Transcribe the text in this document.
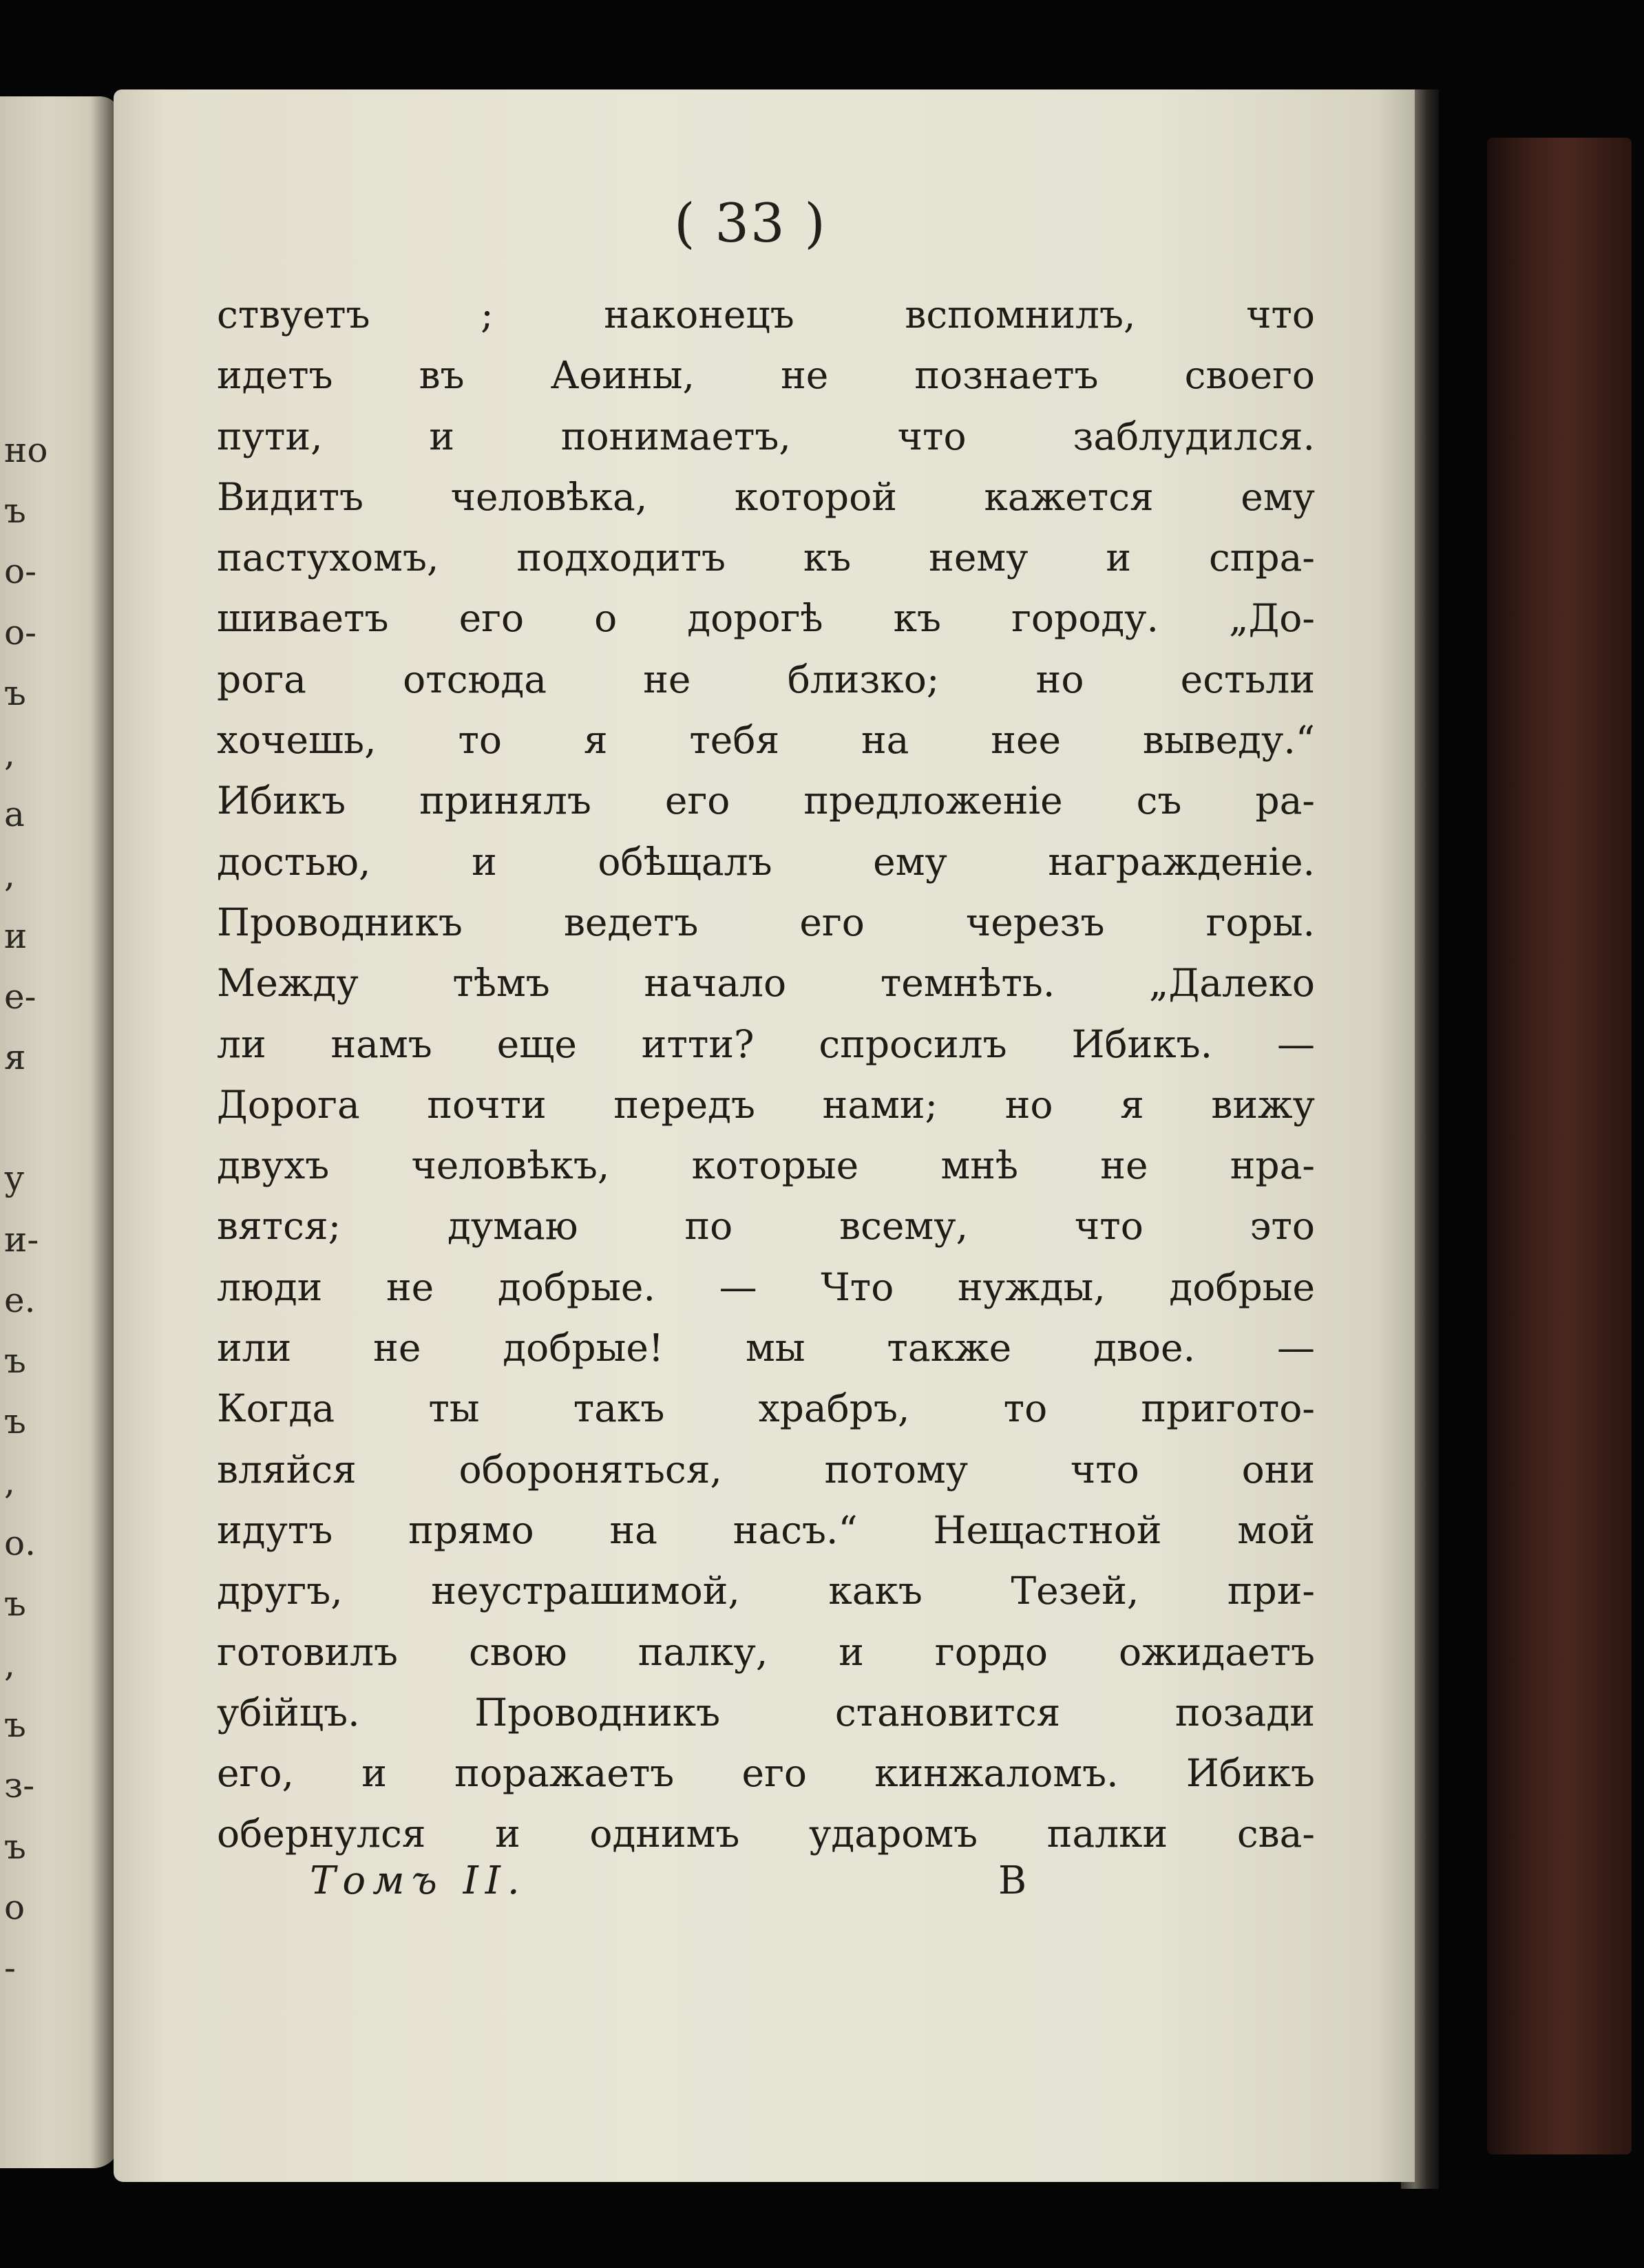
но
ъ
о-
о-
ъ
,
а
,
и
е-
я

у
и-
е.
ъ
ъ
,
о.
ъ
,
ъ
з-
ъ
о
-
( 33 )
ствуетъ ; наконецъ вспомнилъ, что
идетъ въ Аөины, не познаетъ своего
пути, и понимаетъ, что заблудился.
Видитъ человѣка, которой кажется ему
пастухомъ, подходитъ къ нему и спра-
шиваетъ его о дорогѣ къ городу. „До-
рога отсюда не близко; но естьли
хочешь, то я тебя на нее выведу.“
Ибикъ принялъ его предложеніе съ ра-
достью, и обѣщалъ ему награжденіе.
Проводникъ ведетъ его черезъ горы.
Между тѣмъ начало темнѣть. „Далеко
ли намъ еще итти? спросилъ Ибикъ. —
Дорога почти передъ нами; но я вижу
двухъ человѣкъ, которые мнѣ не нра-
вятся; думаю по всему, что это
люди не добрые. — Что нужды, добрые
или не добрые! мы также двое. —
Когда ты такъ храбръ, то пригото-
вляйся обороняться, потому что они
идутъ прямо на насъ.“ Нещастной мой
другъ, неустрашимой, какъ Тезей, при-
готовилъ свою палку, и гордо ожидаетъ
убійцъ. Проводникъ становится позади
его, и поражаетъ его кинжаломъ. Ибикъ
обернулся и однимъ ударомъ палки сва-
Томъ II.	В
